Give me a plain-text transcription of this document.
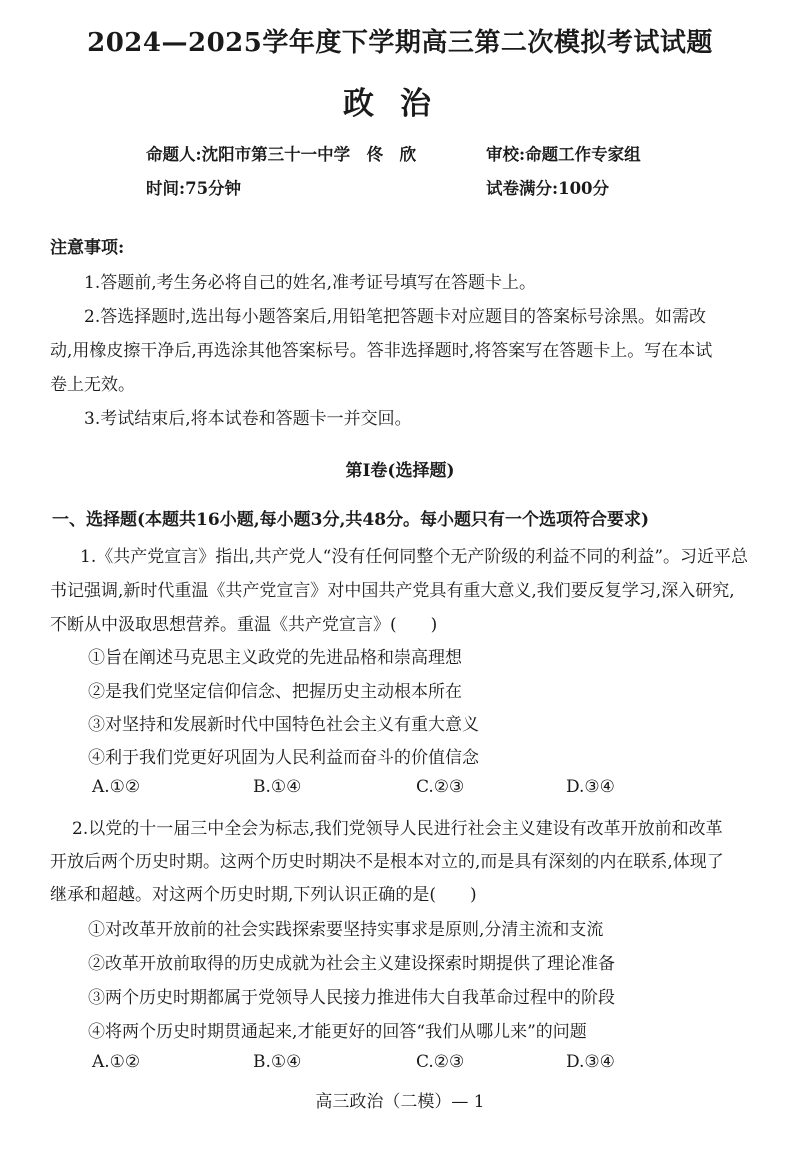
2024—2025学年度下学期高三第二次模拟考试试题
政治
命题人:沈阳市第三十一中学　佟　欣	审校:命题工作专家组
时间:75分钟	试卷满分:100分
注意事项:
1.答题前,考生务必将自己的姓名,准考证号填写在答题卡上。
2.答选择题时,选出每小题答案后,用铅笔把答题卡对应题目的答案标号涂黑。如需改
动,用橡皮擦干净后,再选涂其他答案标号。答非选择题时,将答案写在答题卡上。写在本试
卷上无效。
3.考试结束后,将本试卷和答题卡一并交回。
第Ⅰ卷(选择题)
一、选择题(本题共16小题,每小题3分,共48分。每小题只有一个选项符合要求)
1.《共产党宣言》指出,共产党人“没有任何同整个无产阶级的利益不同的利益”。习近平总
书记强调,新时代重温《共产党宣言》对中国共产党具有重大意义,我们要反复学习,深入研究,
不断从中汲取思想营养。重温《共产党宣言》(　　)
①旨在阐述马克思主义政党的先进品格和崇高理想
②是我们党坚定信仰信念、把握历史主动根本所在
③对坚持和发展新时代中国特色社会主义有重大意义
④利于我们党更好巩固为人民利益而奋斗的价值信念
A.①②	B.①④	C.②③	D.③④
2.以党的十一届三中全会为标志,我们党领导人民进行社会主义建设有改革开放前和改革
开放后两个历史时期。这两个历史时期决不是根本对立的,而是具有深刻的内在联系,体现了
继承和超越。对这两个历史时期,下列认识正确的是(　　)
①对改革开放前的社会实践探索要坚持实事求是原则,分清主流和支流
②改革开放前取得的历史成就为社会主义建设探索时期提供了理论准备
③两个历史时期都属于党领导人民接力推进伟大自我革命过程中的阶段
④将两个历史时期贯通起来,才能更好的回答“我们从哪儿来”的问题
A.①②	B.①④	C.②③	D.③④
高三政治（二模）— 1
